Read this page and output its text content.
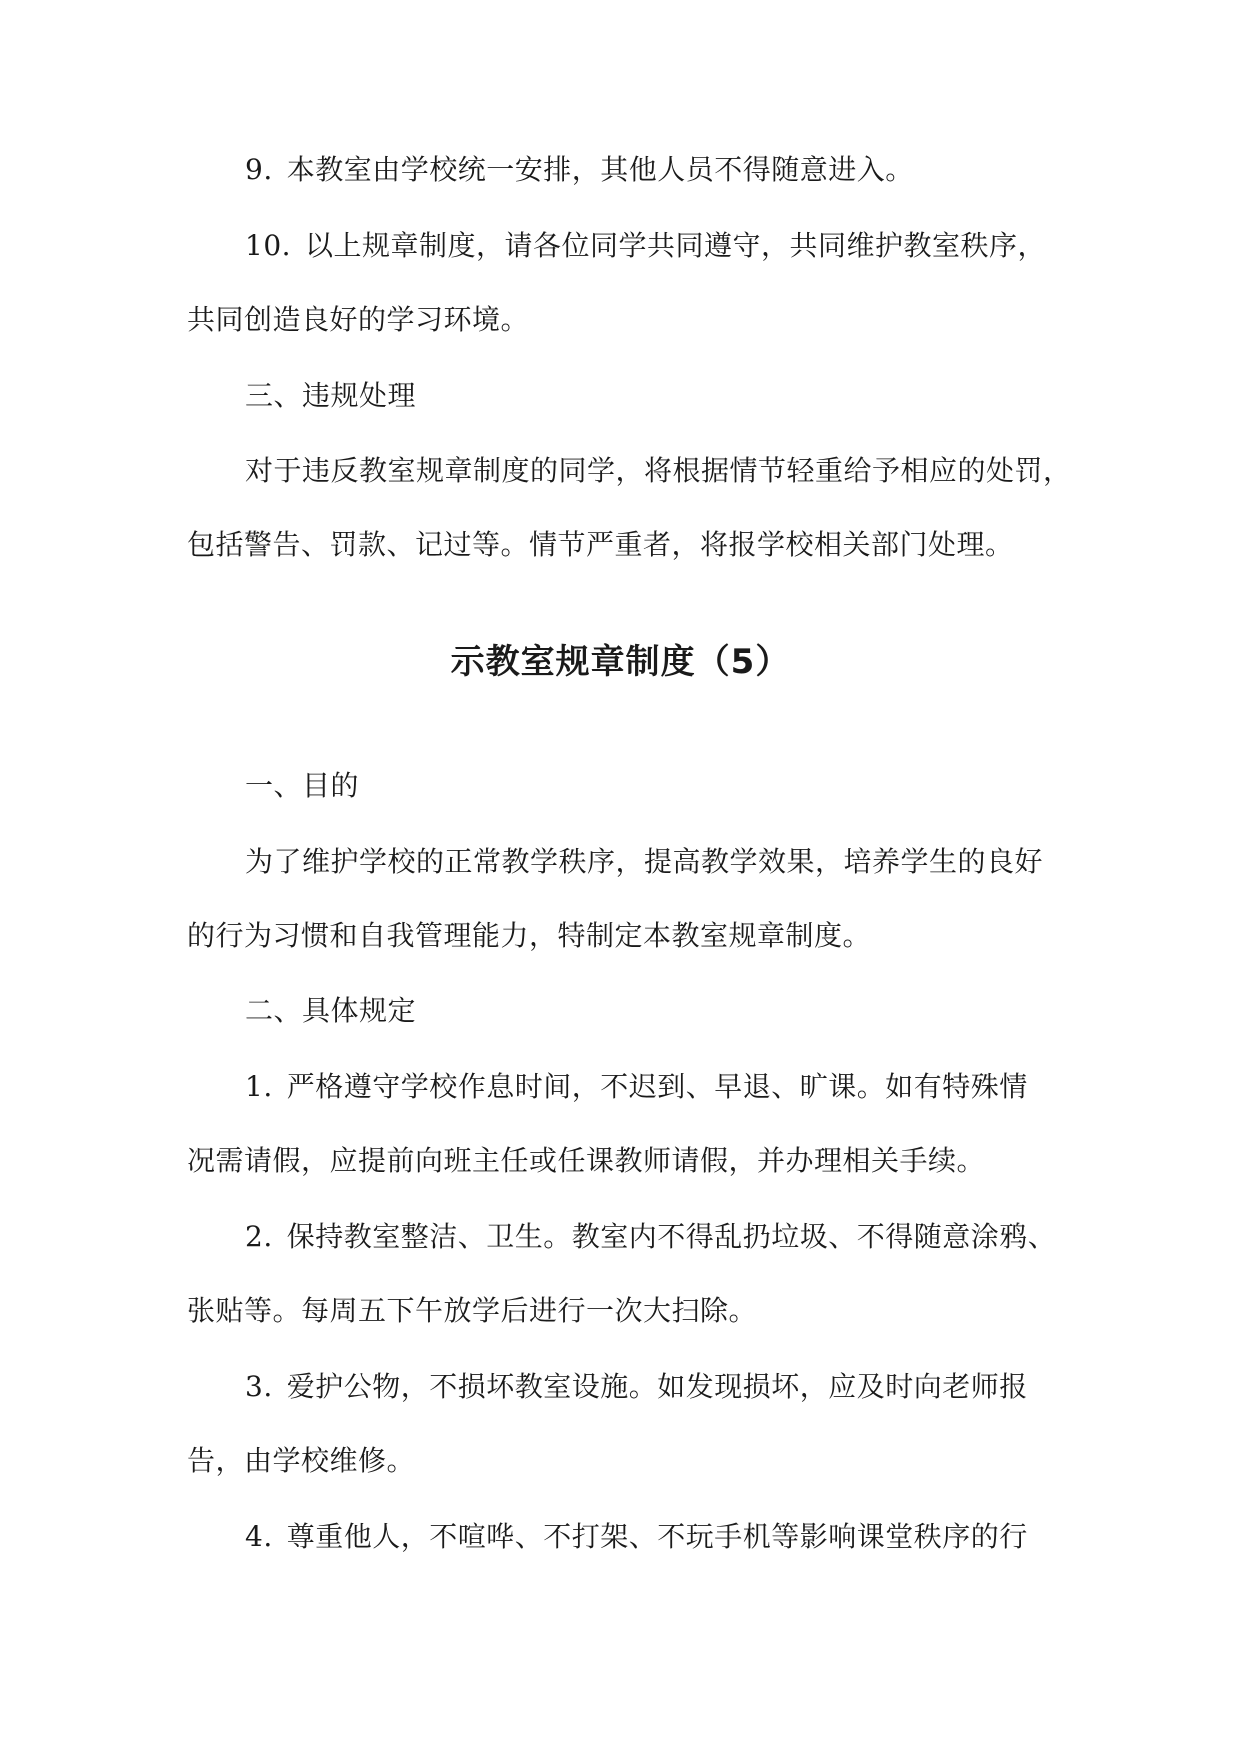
9. 本教室由学校统一安排，其他人员不得随意进入。
10. 以上规章制度，请各位同学共同遵守，共同维护教室秩序，
共同创造良好的学习环境。
三、违规处理
对于违反教室规章制度的同学，将根据情节轻重给予相应的处罚，
包括警告、罚款、记过等。情节严重者，将报学校相关部门处理。
示教室规章制度（5）
一、目的
为了维护学校的正常教学秩序，提高教学效果，培养学生的良好
的行为习惯和自我管理能力，特制定本教室规章制度。
二、具体规定
1. 严格遵守学校作息时间，不迟到、早退、旷课。如有特殊情
况需请假，应提前向班主任或任课教师请假，并办理相关手续。
2. 保持教室整洁、卫生。教室内不得乱扔垃圾、不得随意涂鸦、
张贴等。每周五下午放学后进行一次大扫除。
3. 爱护公物，不损坏教室设施。如发现损坏，应及时向老师报
告，由学校维修。
4. 尊重他人，不喧哗、不打架、不玩手机等影响课堂秩序的行
